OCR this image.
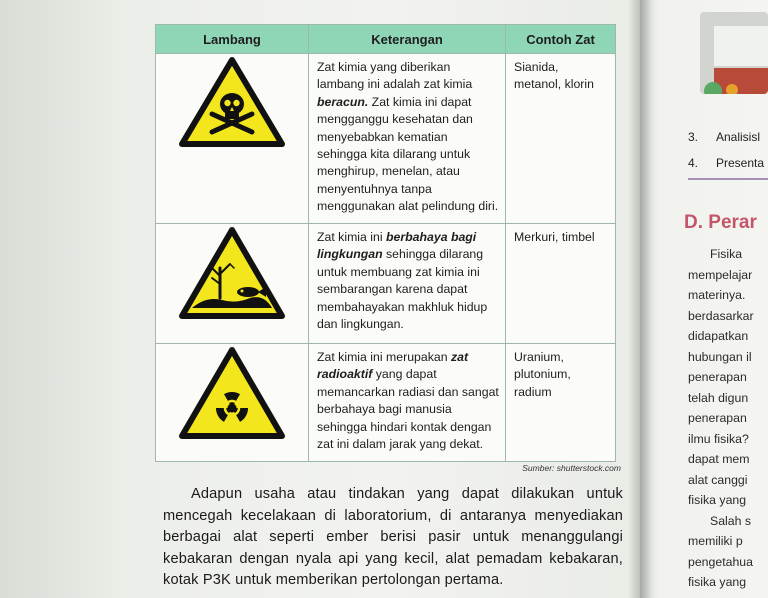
Lambang	Keterangan	Contoh Zat
	Zat kimia yang diberikan lambang ini adalah zat kimia beracun. Zat kimia ini dapat mengganggu kesehatan dan menyebabkan kematian sehingga kita dilarang untuk menghirup, menelan, atau menyentuhnya tanpa menggunakan alat pelindung diri.	Sianida, metanol, klorin
	Zat kimia ini berbahaya bagi lingkungan sehingga dilarang untuk membuang zat kimia ini sembarangan karena dapat membahayakan makhluk hidup dan lingkungan.	Merkuri, timbel
	Zat kimia ini merupakan zat radioaktif yang dapat memancarkan radiasi dan sangat berbahaya bagi manusia sehingga hindari kontak dengan zat ini dalam jarak yang dekat.	Uranium, plutonium, radium
Sumber: shutterstock.com
Adapun usaha atau tindakan yang dapat dilakukan untuk mencegah kecelakaan di laboratorium, di antaranya menyediakan berbagai alat seperti ember berisi pasir untuk menanggulangi kebakaran dengan nyala api yang kecil, alat pemadam kebakaran, kotak P3K untuk memberikan pertolongan pertama.
3. Analisisl
4. Presenta
D. Perar
Fisika
mempelajar
materinya.
berdasarkar
didapatkan
hubungan il
penerapan
telah digun
penerapan
ilmu fisika?
dapat mem
alat canggi
fisika yang
Salah s
memiliki p
pengetahua
fisika yang
